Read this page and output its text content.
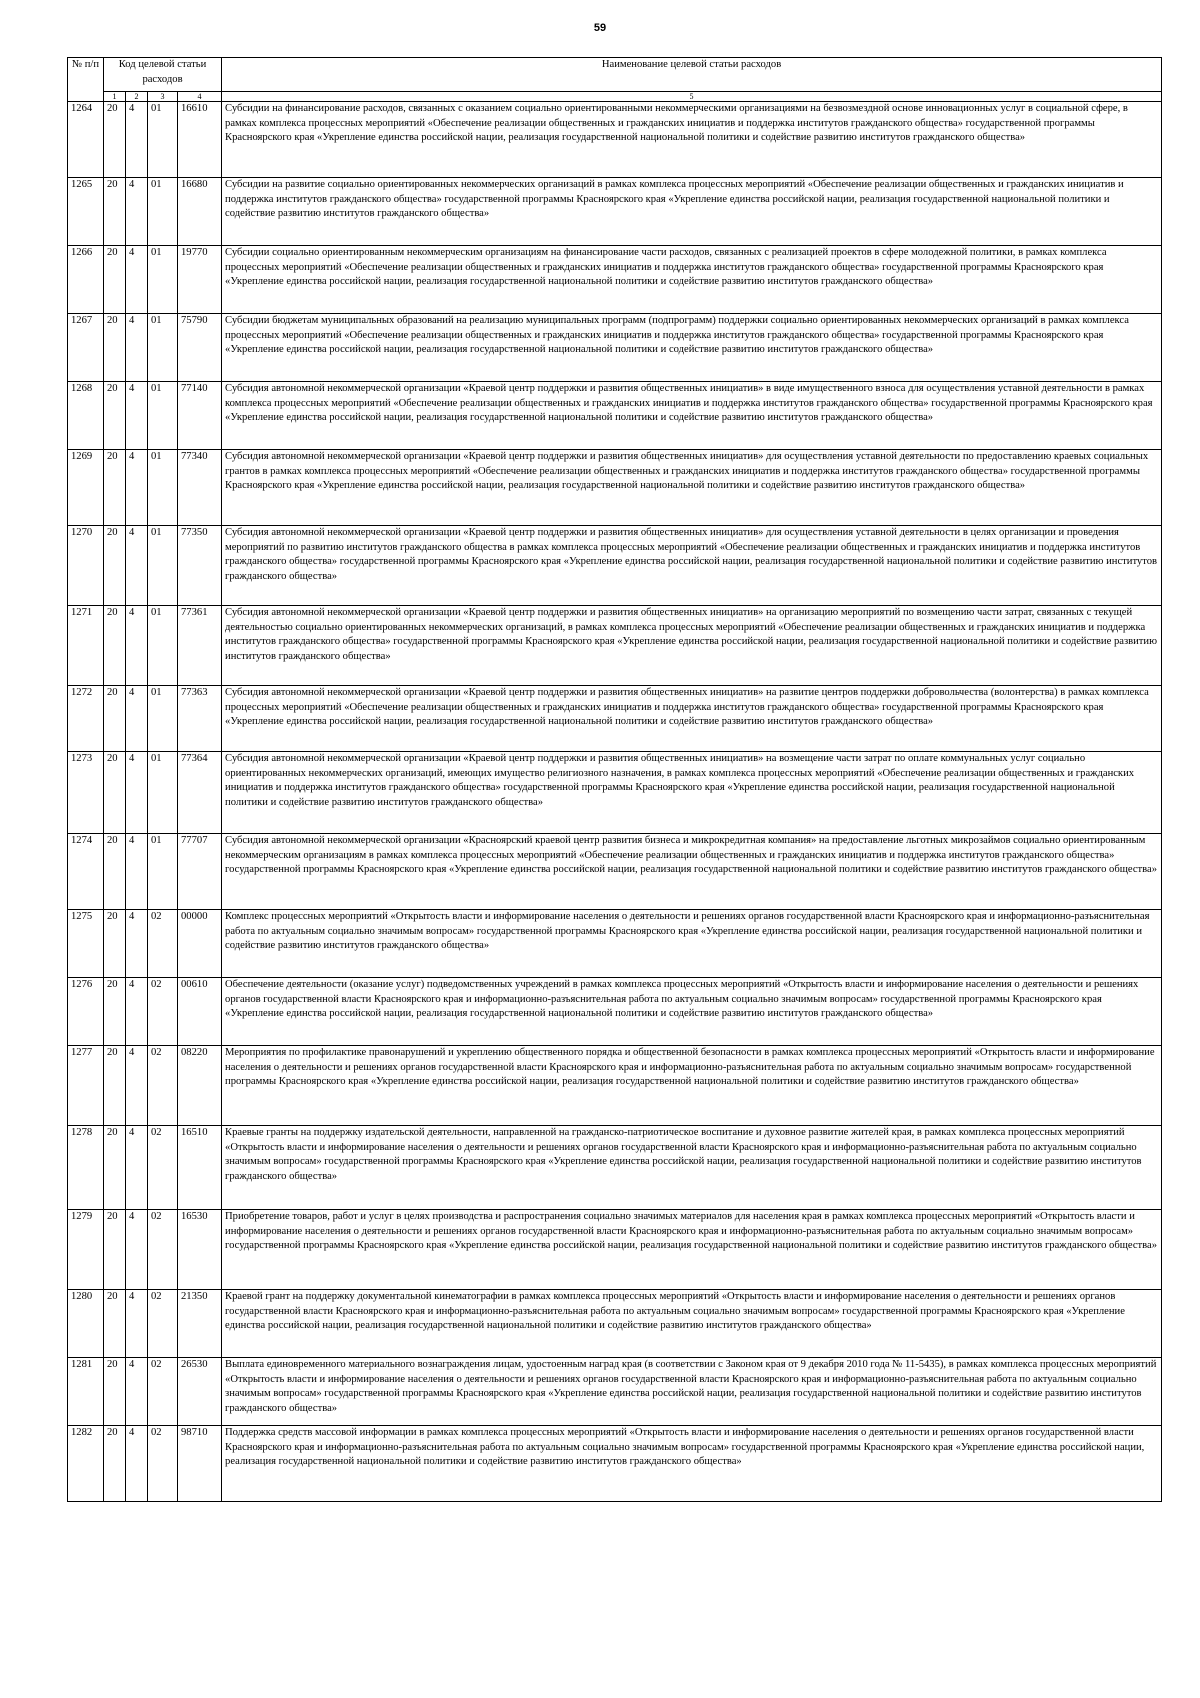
59
№ п/п	Код целевой статьи расходов				Наименование целевой статьи расходов
	1	2	3	4	5
1264	20	4	01	16610	Субсидии на финансирование расходов, связанных с оказанием социально ориентированными некоммерческими организациями на безвозмездной основе инновационных услуг в социальной сфере, в рамках комплекса процессных мероприятий «Обеспечение реализации общественных и гражданских инициатив и поддержка институтов гражданского общества» государственной программы Красноярского края «Укрепление единства российской нации, реализация государственной национальной политики и содействие развитию институтов гражданского общества»
1265	20	4	01	16680	Субсидии на развитие социально ориентированных некоммерческих организаций в рамках комплекса процессных мероприятий «Обеспечение реализации общественных и гражданских инициатив и поддержка институтов гражданского общества» государственной программы Красноярского края «Укрепление единства российской нации, реализация государственной национальной политики и содействие развитию институтов гражданского общества»
1266	20	4	01	19770	Субсидии социально ориентированным некоммерческим организациям на финансирование части расходов, связанных с реализацией проектов в сфере молодежной политики, в рамках комплекса процессных мероприятий «Обеспечение реализации общественных и гражданских инициатив и поддержка институтов гражданского общества» государственной программы Красноярского края «Укрепление единства российской нации, реализация государственной национальной политики и содействие развитию институтов гражданского общества»
1267	20	4	01	75790	Субсидии бюджетам муниципальных образований на реализацию муниципальных программ (подпрограмм) поддержки социально ориентированных некоммерческих организаций в рамках комплекса процессных мероприятий «Обеспечение реализации общественных и гражданских инициатив и поддержка институтов гражданского общества» государственной программы Красноярского края «Укрепление единства российской нации, реализация государственной национальной политики и содействие развитию институтов гражданского общества»
1268	20	4	01	77140	Субсидия автономной некоммерческой организации «Краевой центр поддержки и развития общественных инициатив» в виде имущественного взноса для осуществления уставной деятельности в рамках комплекса процессных мероприятий «Обеспечение реализации общественных и гражданских инициатив и поддержка институтов гражданского общества» государственной программы Красноярского края «Укрепление единства российской нации, реализация государственной национальной политики и содействие развитию институтов гражданского общества»
1269	20	4	01	77340	Субсидия автономной некоммерческой организации «Краевой центр поддержки и развития общественных инициатив» для осуществления уставной деятельности по предоставлению краевых социальных грантов в рамках комплекса процессных мероприятий «Обеспечение реализации общественных и гражданских инициатив и поддержка институтов гражданского общества» государственной программы Красноярского края «Укрепление единства российской нации, реализация государственной национальной политики и содействие развитию институтов гражданского общества»
1270	20	4	01	77350	Субсидия автономной некоммерческой организации «Краевой центр поддержки и развития общественных инициатив» для осуществления уставной деятельности в целях организации и проведения мероприятий по развитию институтов гражданского общества в рамках комплекса процессных мероприятий «Обеспечение реализации общественных и гражданских инициатив и поддержка институтов гражданского общества» государственной программы Красноярского края «Укрепление единства российской нации, реализация государственной национальной политики и содействие развитию институтов гражданского общества»
1271	20	4	01	77361	Субсидия автономной некоммерческой организации «Краевой центр поддержки и развития общественных инициатив» на организацию мероприятий по возмещению части затрат, связанных с текущей деятельностью социально ориентированных некоммерческих организаций, в рамках комплекса процессных мероприятий «Обеспечение реализации общественных и гражданских инициатив и поддержка институтов гражданского общества» государственной программы Красноярского края «Укрепление единства российской нации, реализация государственной национальной политики и содействие развитию институтов гражданского общества»
1272	20	4	01	77363	Субсидия автономной некоммерческой организации «Краевой центр поддержки и развития общественных инициатив» на развитие центров поддержки добровольчества (волонтерства) в рамках комплекса процессных мероприятий «Обеспечение реализации общественных и гражданских инициатив и поддержка институтов гражданского общества» государственной программы Красноярского края «Укрепление единства российской нации, реализация государственной национальной политики и содействие развитию институтов гражданского общества»
1273	20	4	01	77364	Субсидия автономной некоммерческой организации «Краевой центр поддержки и развития общественных инициатив» на возмещение части затрат по оплате коммунальных услуг социально ориентированных некоммерческих организаций, имеющих имущество религиозного назначения, в рамках комплекса процессных мероприятий «Обеспечение реализации общественных и гражданских инициатив и поддержка институтов гражданского общества» государственной программы Красноярского края «Укрепление единства российской нации, реализация государственной национальной политики и содействие развитию институтов гражданского общества»
1274	20	4	01	77707	Субсидия автономной некоммерческой организации «Красноярский краевой центр развития бизнеса и микрокредитная компания» на предоставление льготных микрозаймов социально ориентированным некоммерческим организациям в рамках комплекса процессных мероприятий «Обеспечение реализации общественных и гражданских инициатив и поддержка институтов гражданского общества» государственной программы Красноярского края «Укрепление единства российской нации, реализация государственной национальной политики и содействие развитию институтов гражданского общества»
1275	20	4	02	00000	Комплекс процессных мероприятий «Открытость власти и информирование населения о деятельности и решениях органов государственной власти Красноярского края и информационно-разъяснительная работа по актуальным социально значимым вопросам» государственной программы Красноярского края «Укрепление единства российской нации, реализация государственной национальной политики и содействие развитию институтов гражданского общества»
1276	20	4	02	00610	Обеспечение деятельности (оказание услуг) подведомственных учреждений в рамках комплекса процессных мероприятий «Открытость власти и информирование населения о деятельности и решениях органов государственной власти Красноярского края и информационно-разъяснительная работа по актуальным социально значимым вопросам» государственной программы Красноярского края «Укрепление единства российской нации, реализация государственной национальной политики и содействие развитию институтов гражданского общества»
1277	20	4	02	08220	Мероприятия по профилактике правонарушений и укреплению общественного порядка и общественной безопасности в рамках комплекса процессных мероприятий «Открытость власти и информирование населения о деятельности и решениях органов государственной власти Красноярского края и информационно-разъяснительная работа по актуальным социально значимым вопросам» государственной программы Красноярского края «Укрепление единства российской нации, реализация государственной национальной политики и содействие развитию институтов гражданского общества»
1278	20	4	02	16510	Краевые гранты на поддержку издательской деятельности, направленной на гражданско-патриотическое воспитание и духовное развитие жителей края, в рамках комплекса процессных мероприятий «Открытость власти и информирование населения о деятельности и решениях органов государственной власти Красноярского края и информационно-разъяснительная работа по актуальным социально значимым вопросам» государственной программы Красноярского края «Укрепление единства российской нации, реализация государственной национальной политики и содействие развитию институтов гражданского общества»
1279	20	4	02	16530	Приобретение товаров, работ и услуг в целях производства и распространения социально значимых материалов для населения края в рамках комплекса процессных мероприятий «Открытость власти и информирование населения о деятельности и решениях органов государственной власти Красноярского края и информационно-разъяснительная работа по актуальным социально значимым вопросам» государственной программы Красноярского края «Укрепление единства российской нации, реализация государственной национальной политики и содействие развитию институтов гражданского общества»
1280	20	4	02	21350	Краевой грант на поддержку документальной кинематографии в рамках комплекса процессных мероприятий «Открытость власти и информирование населения о деятельности и решениях органов государственной власти Красноярского края и информационно-разъяснительная работа по актуальным социально значимым вопросам» государственной программы Красноярского края «Укрепление единства российской нации, реализация государственной национальной политики и содействие развитию институтов гражданского общества»
1281	20	4	02	26530	Выплата единовременного материального вознаграждения лицам, удостоенным наград края (в соответствии с Законом края от 9 декабря 2010 года № 11-5435), в рамках комплекса процессных мероприятий «Открытость власти и информирование населения о деятельности и решениях органов государственной власти Красноярского края и информационно-разъяснительная работа по актуальным социально значимым вопросам» государственной программы Красноярского края «Укрепление единства российской нации, реализация государственной национальной политики и содействие развитию институтов гражданского общества»
1282	20	4	02	98710	Поддержка средств массовой информации в рамках комплекса процессных мероприятий «Открытость власти и информирование населения о деятельности и решениях органов государственной власти Красноярского края и информационно-разъяснительная работа по актуальным социально значимым вопросам» государственной программы Красноярского края «Укрепление единства российской нации, реализация государственной национальной политики и содействие развитию институтов гражданского общества»
